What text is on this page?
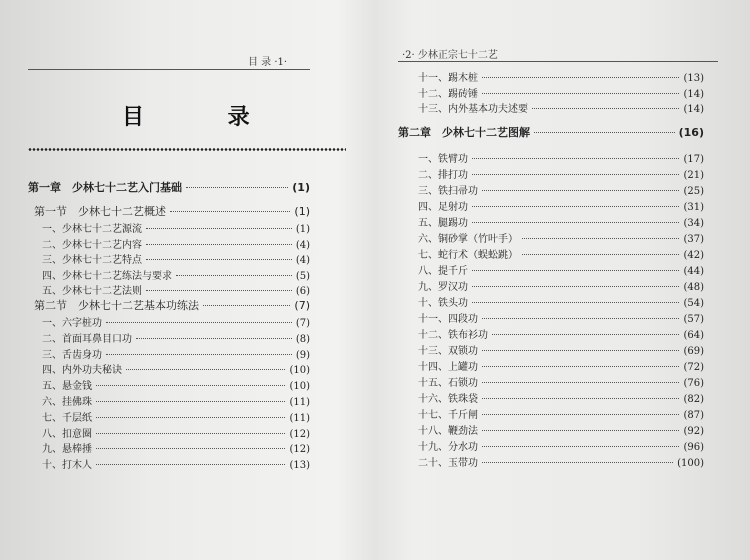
目 录 ·1·
目 录
第一章　少林七十二艺入门基础	(1)
第一节　少林七十二艺概述	(1)
一、少林七十二艺源流	(1)
二、少林七十二艺内容	(4)
三、少林七十二艺特点	(4)
四、少林七十二艺练法与要求	(5)
五、少林七十二艺法则	(6)
第二节　少林七十二艺基本功练法	(7)
一、六字桩功	(7)
二、首面耳鼻目口功	(8)
三、舌齿身功	(9)
四、内外功夫秘诀	(10)
五、悬金钱	(10)
六、挂佛珠	(11)
七、千层纸	(11)
八、扣意圈	(12)
九、悬棒捶	(12)
十、打木人	(13)
·2· 少林正宗七十二艺
十一、踢木桩	(13)
十二、踢砖锤	(14)
十三、内外基本功夫述要	(14)
第二章　少林七十二艺图解	(16)
一、铁臂功	(17)
二、排打功	(21)
三、铁扫帚功	(25)
四、足射功	(31)
五、腿踢功	(34)
六、铜砂掌（竹叶手）	(37)
七、蛇行术（蜈蚣跳）	(42)
八、提千斤	(44)
九、罗汉功	(48)
十、铁头功	(54)
十一、四段功	(57)
十二、铁布衫功	(64)
十三、双锁功	(69)
十四、上罐功	(72)
十五、石锁功	(76)
十六、铁珠袋	(82)
十七、千斤闸	(87)
十八、鞭劲法	(92)
十九、分水功	(96)
二十、玉带功	(100)
